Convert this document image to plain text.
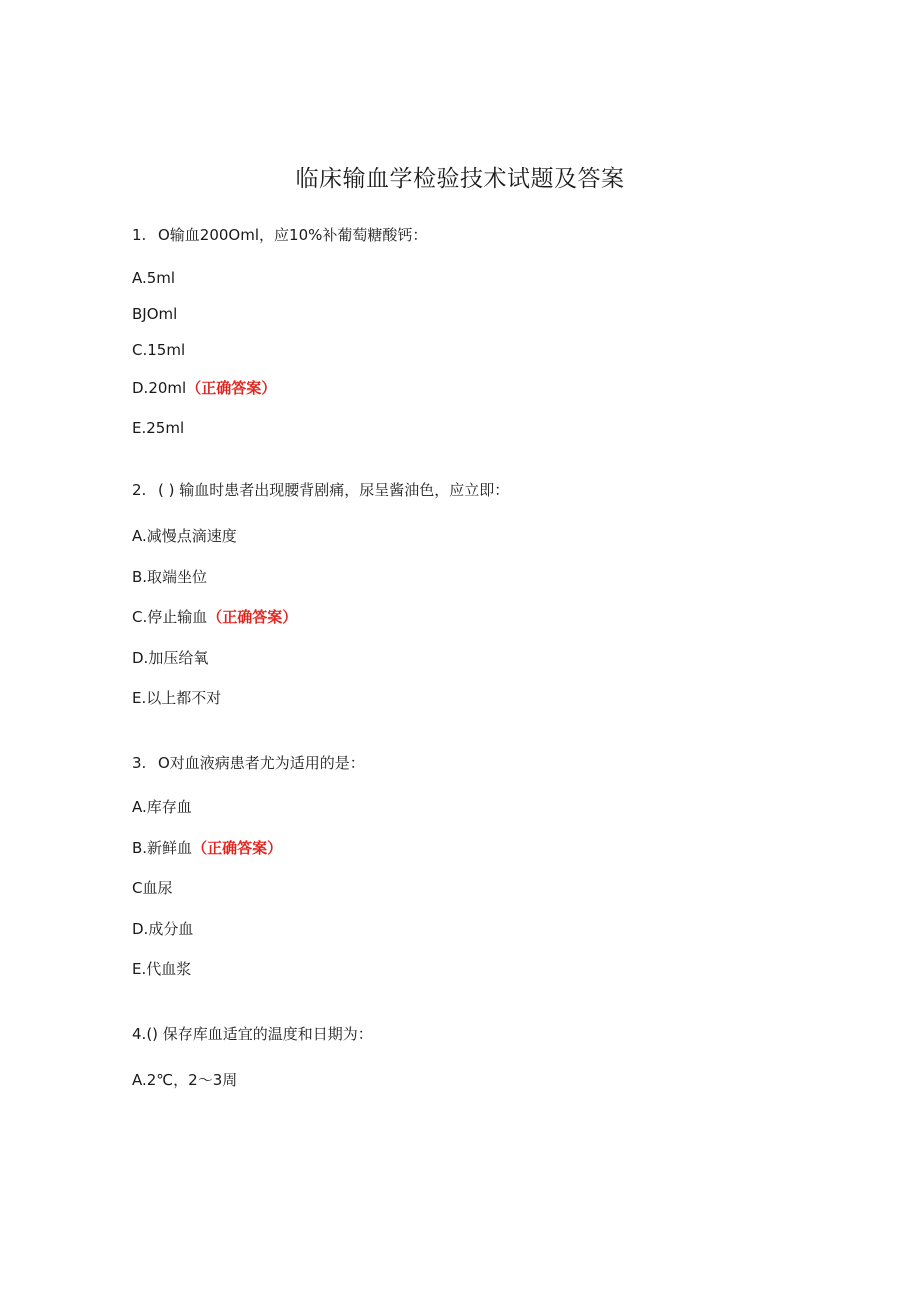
临床输血学检验技术试题及答案
1. O输血200Oml，应10%补葡萄糖酸钙：
A.5ml
BJOml
C.15ml
D.20ml（正确答案）
E.25ml
2. ( ) 输血时患者出现腰背剧痛，尿呈酱油色，应立即：
A.减慢点滴速度
B.取端坐位
C.停止输血（正确答案）
D.加压给氧
E.以上都不对
3. O对血液病患者尤为适用的是：
A.库存血
B.新鲜血（正确答案）
C血尿
D.成分血
E.代血浆
4.() 保存库血适宜的温度和日期为：
A.2℃，2～3周
